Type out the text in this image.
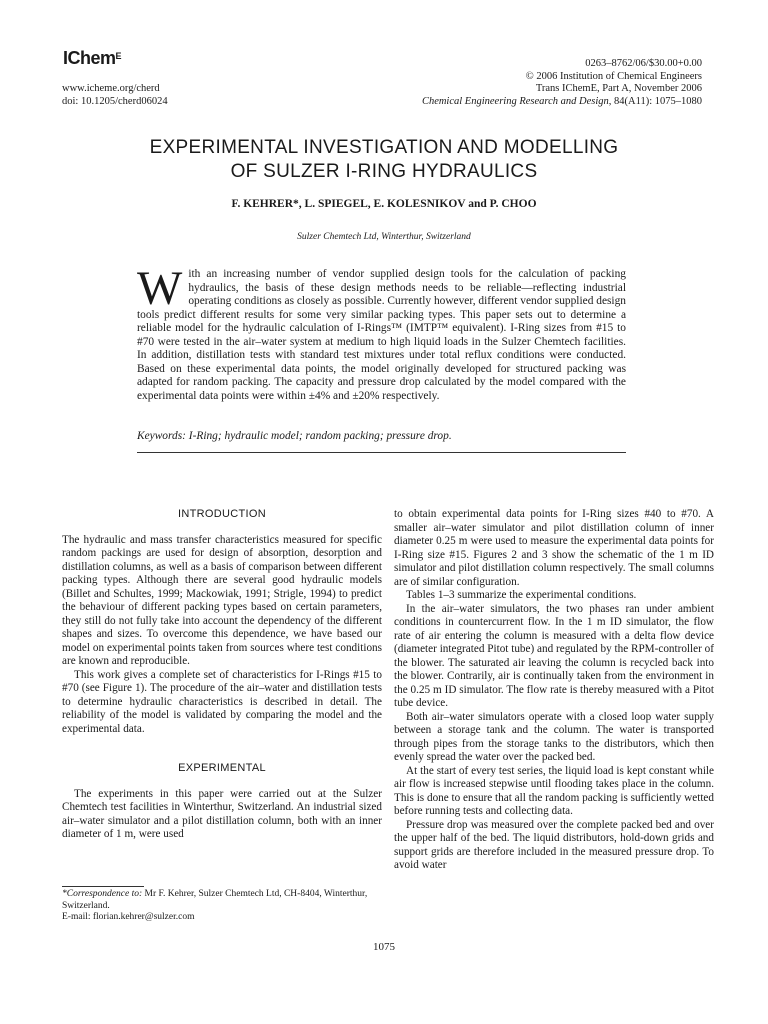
IChem$^E$
www.icheme.org/cherd
doi: 10.1205/cherd06024
0263–8762/06/$30.00+0.00
© 2006 Institution of Chemical Engineers
Trans IChemE, Part A, November 2006
Chemical Engineering Research and Design, 84(A11): 1075–1080
EXPERIMENTAL INVESTIGATION AND MODELLING
OF SULZER I-RING HYDRAULICS
F. KEHRER*, L. SPIEGEL, E. KOLESNIKOV and P. CHOO
Sulzer Chemtech Ltd, Winterthur, Switzerland
With an increasing number of vendor supplied design tools for the calculation of packing hydraulics, the basis of these design methods needs to be reliable—reflecting industrial operating conditions as closely as possible. Currently however, different vendor supplied design tools predict different results for some very similar packing types. This paper sets out to determine a reliable model for the hydraulic calculation of I-Rings™ (IMTP™ equivalent). I-Ring sizes from #15 to #70 were tested in the air–water system at medium to high liquid loads in the Sulzer Chemtech facilities. In addition, distillation tests with standard test mixtures under total reflux conditions were conducted. Based on these experimental data points, the model originally developed for structured packing was adapted for random packing. The capacity and pressure drop calculated by the model compared with the experimental data points were within ±4% and ±20% respectively.
Keywords: I-Ring; hydraulic model; random packing; pressure drop.
INTRODUCTION

The hydraulic and mass transfer characteristics measured for specific random packings are used for design of absorption, desorption and distillation columns, as well as a basis of comparison between different packing types. Although there are several good hydraulic models (Billet and Schultes, 1999; Mackowiak, 1991; Strigle, 1994) to predict the behaviour of different packing types based on certain parameters, they still do not fully take into account the dependency of the different shapes and sizes. To overcome this dependence, we have based our model on experimental points taken from sources where test conditions are known and reproducible.

This work gives a complete set of characteristics for I-Rings #15 to #70 (see Figure 1). The procedure of the air–water and distillation tests to determine hydraulic characteristics is described in detail. The reliability of the model is validated by comparing the model and the experimental data.

EXPERIMENTAL

The experiments in this paper were carried out at the Sulzer Chemtech test facilities in Winterthur, Switzerland. An industrial sized air–water simulator and a pilot distillation column, both with an inner diameter of 1 m, were used

to obtain experimental data points for I-Ring sizes #40 to #70. A smaller air–water simulator and pilot distillation column of inner diameter 0.25 m were used to measure the experimental data points for I-Ring size #15. Figures 2 and 3 show the schematic of the 1 m ID simulator and pilot distillation column respectively. The small columns are of similar configuration.

Tables 1–3 summarize the experimental conditions.

In the air–water simulators, the two phases ran under ambient conditions in countercurrent flow. In the 1 m ID simulator, the flow rate of air entering the column is measured with a delta flow device (diameter integrated Pitot tube) and regulated by the RPM-controller of the blower. The saturated air leaving the column is recycled back into the blower. Contrarily, air is continually taken from the environment in the 0.25 m ID simulator. The flow rate is thereby measured with a Pitot tube device.

Both air–water simulators operate with a closed loop water supply between a storage tank and the column. The water is transported through pipes from the storage tanks to the distributors, which then evenly spread the water over the packed bed.

At the start of every test series, the liquid load is kept constant while air flow is increased stepwise until flooding takes place in the column. This is done to ensure that all the random packing is sufficiently wetted before running tests and collecting data.

Pressure drop was measured over the complete packed bed and over the upper half of the bed. The liquid distributors, hold-down grids and support grids are therefore included in the measured pressure drop. To avoid water

*Correspondence to: Mr F. Kehrer, Sulzer Chemtech Ltd, CH-8404, Winterthur, Switzerland.
E-mail: florian.kehrer@sulzer.com
1075
